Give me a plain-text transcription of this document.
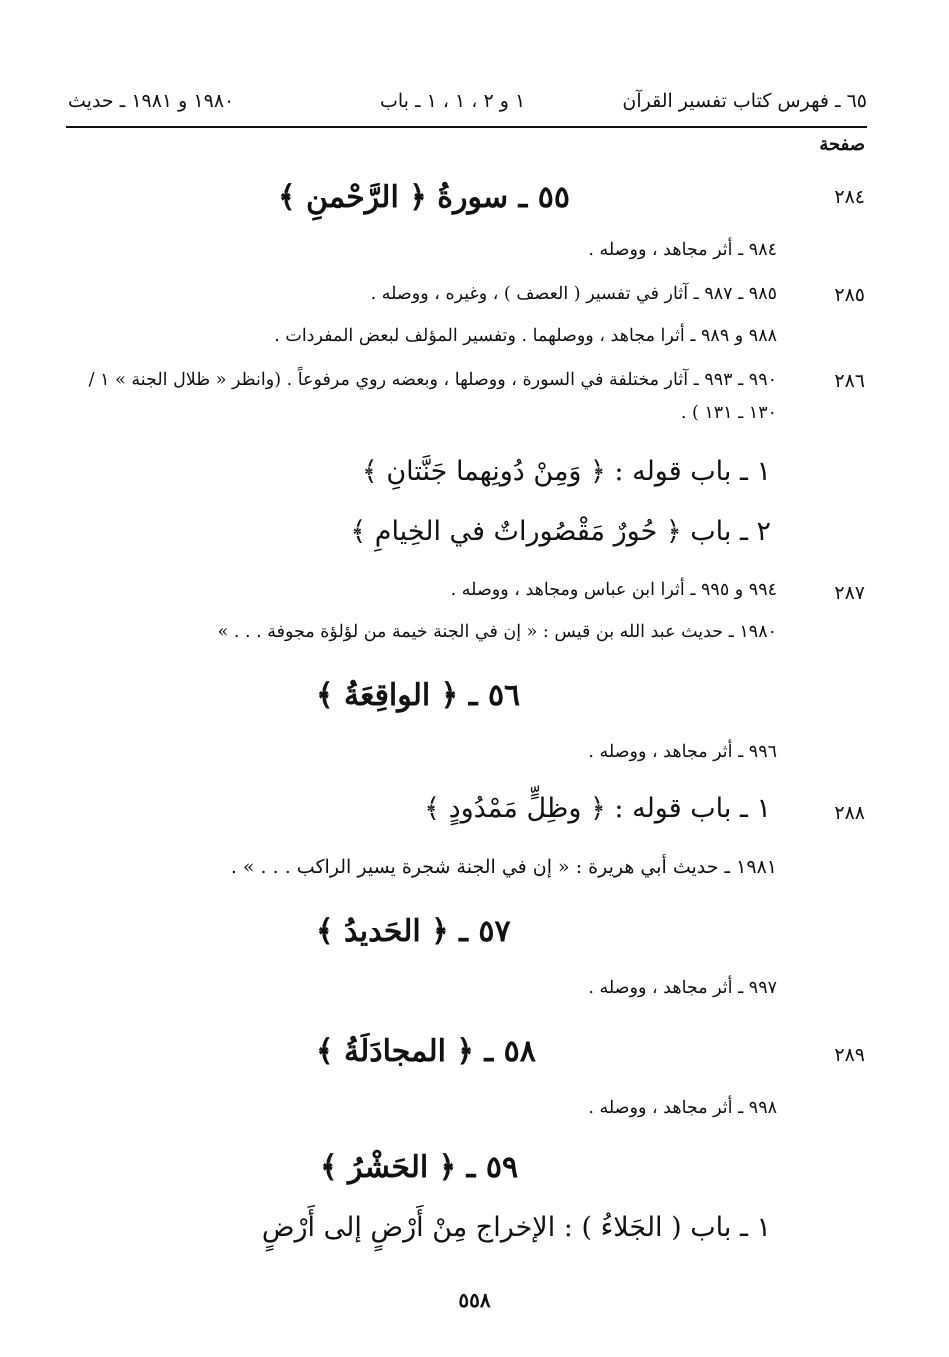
٦٥ ـ فهرس كتاب تفسير القرآن
١ و ٢ ، ١ ، ١ ـ باب
١٩٨٠ و ١٩٨١ ـ حديث
صفحة
٢٨٤
٥٥ ـ سورةُ ﴿ الرَّحْمنِ ﴾
٩٨٤ ـ أثر مجاهد ، ووصله .
٢٨٥
٩٨٥ ـ ٩٨٧ ـ آثار في تفسير ( العصف ) ، وغيره ، ووصله .
٩٨٨ و ٩٨٩ ـ أثرا مجاهد ، ووصلهما . وتفسير المؤلف لبعض المفردات .
٢٨٦
٩٩٠ ـ ٩٩٣ ـ آثار مختلفة في السورة ، ووصلها ، وبعضه روي مرفوعاً . (وانظر « ظلال الجنة » ١ /١٣٠ ـ ١٣١ ) .
١ ـ باب قوله : ﴿ وَمِنْ دُونِهما جَنَّتانِ ﴾
٢ ـ باب ﴿ حُورٌ مَقْصُوراتٌ في الخِيامِ ﴾
٢٨٧
٩٩٤ و ٩٩٥ ـ أثرا ابن عباس ومجاهد ، ووصله .
١٩٨٠ ـ حديث عبد الله بن قيس : « إن في الجنة خيمة من لؤلؤة مجوفة . . . »
٥٦ ـ ﴿ الواقِعَةُ ﴾
٩٩٦ ـ أثر مجاهد ، ووصله .
٢٨٨
١ ـ باب قوله : ﴿ وظِلٍّ مَمْدُودٍ ﴾
١٩٨١ ـ حديث أبي هريرة : « إن في الجنة شجرة يسير الراكب . . . » .
٥٧ ـ ﴿ الحَديدُ ﴾
٩٩٧ ـ أثر مجاهد ، ووصله .
٢٨٩
٥٨ ـ ﴿ المجادَلَةُ ﴾
٩٩٨ ـ أثر مجاهد ، ووصله .
٥٩ ـ ﴿ الحَشْرُ ﴾
١ ـ باب ( الجَلاءُ ) : الإخراج مِنْ أَرْضٍ إلى أَرْضٍ
٥٥٨
